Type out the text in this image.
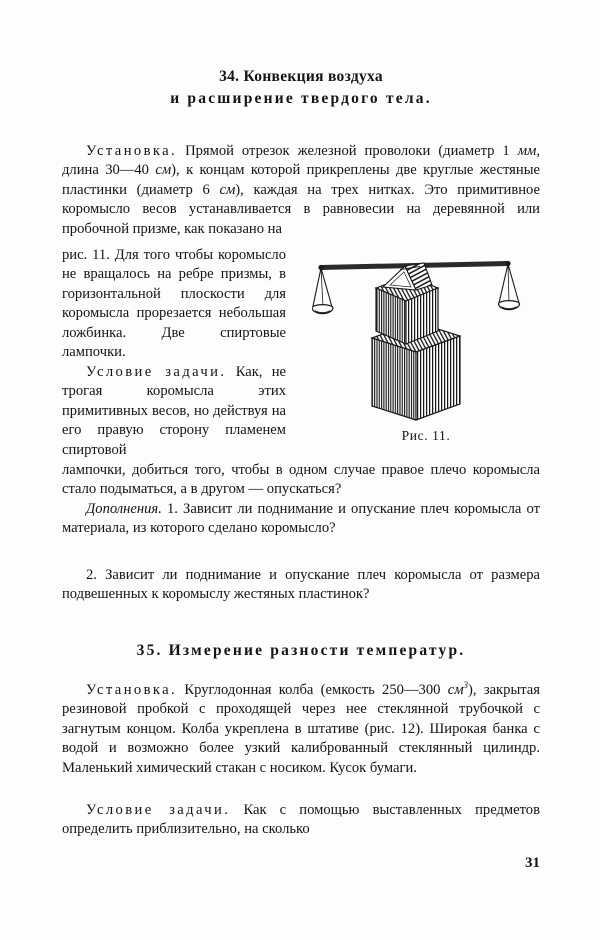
34. Конвекция воздуха
и расширение твердого тела.
Установка. Прямой отрезок железной проволоки (диаметр 1 мм, длина 30—40 см), к концам которой прикреплены две круглые жестяные пластинки (диаметр 6 см), каждая на трех нитках. Это примитивное коромысло весов устанавливается в равновесии на деревянной или пробочной призме, как показано на
рис. 11. Для того чтобы коромысло не вращалось на ребре призмы, в горизонтальной плоскости для коромысла прорезается небольшая ложбинка. Две спиртовые лампочки.
Условие задачи. Как, не трогая коромысла этих примитивных весов, но действуя на его правую сторону пламенем спиртовой
Рис. 11.
лампочки, добиться того, чтобы в одном случае правое плечо коромысла стало подыматься, а в другом — опускаться?
Дополнения. 1. Зависит ли поднимание и опускание плеч коромысла от материала, из которого сделано коромысло?
2. Зависит ли поднимание и опускание плеч коромысла от размера подвешенных к коромыслу жестяных пластинок?
35. Измерение разности температур.
Установка. Круглодонная колба (емкость 250—300 $см^3$), закрытая резиновой пробкой с проходящей через нее стеклянной трубочкой с загнутым концом. Колба укреплена в штативе (рис. 12). Широкая банка с водой и возможно более узкий калиброванный стеклянный цилиндр. Маленький химический стакан с носиком. Кусок бумаги.
Условие задачи. Как с помощью выставленных предметов определить приблизительно, на сколько
31
